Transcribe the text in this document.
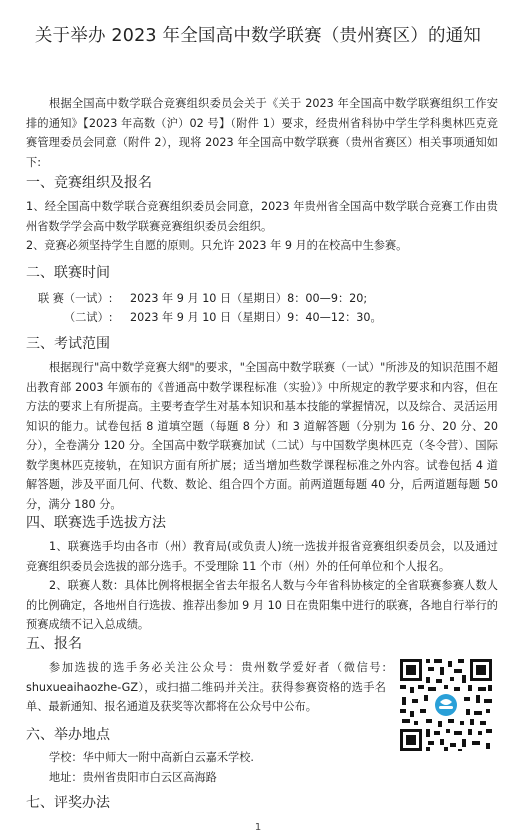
关于举办 2023 年全国高中数学联赛（贵州赛区）的通知

根据全国高中数学联合竞赛组织委员会关于《关于 2023 年全国高中数学联赛组织工作安排的通知》【2023 年高数（沪）02 号】（附件 1）要求，经贵州省科协中学生学科奥林匹克竞赛管理委员会同意（附件 2），现将 2023 年全国高中数学联赛（贵州省赛区）相关事项通知如下:

一、竞赛组织及报名

1、经全国高中数学联合竞赛组织委员会同意，2023 年贵州省全国高中数学联合竞赛工作由贵州省数学学会高中数学联赛竞赛组织委员会组织。

2、竞赛必须坚持学生自愿的原则。只允许 2023 年 9 月的在校高中生参赛。

二、联赛时间
联 赛（一试）: 2023 年 9 月 10 日（星期日）8：00—9：20;
（二试）: 2023 年 9 月 10 日（星期日）9：40—12：30。
三、考试范围

根据现行"高中数学竞赛大纲"的要求，"全国高中数学联赛（一试）"所涉及的知识范围不超出教育部 2003 年颁布的《普通高中数学课程标准（实验）》中所规定的教学要求和内容，但在方法的要求上有所提高。主要考查学生对基本知识和基本技能的掌握情况，以及综合、灵活运用知识的能力。试卷包括 8 道填空题（每题 8 分）和 3 道解答题（分别为 16 分、20 分、20 分），全卷满分 120 分。全国高中数学联赛加试（二试）与中国数学奥林匹克（冬令营）、国际数学奥林匹克接轨，在知识方面有所扩展；适当增加些数学课程标准之外内容。试卷包括 4 道解答题，涉及平面几何、代数、数论、组合四个方面。前两道题每题 40 分，后两道题每题 50 分，满分 180 分。

四、联赛选手选拔方法

1、联赛选手均由各市（州）教育局(或负责人)统一选拔并报省竞赛组织委员会，以及通过竞赛组织委员会选拔的部分选手。不受理除 11 个市（州）外的任何单位和个人报名。

2、联赛人数：具体比例将根据全省去年报名人数与今年省科协核定的全省联赛参赛人数人的比例确定，各地州自行选拔、推荐出参加 9 月 10 日在贵阳集中进行的联赛，各地自行举行的预赛成绩不记入总成绩。

五、报名

参加选拔的选手务必关注公众号：贵州数学爱好者（微信号: shuxueaihaozhe-GZ），或扫描二维码并关注。获得参赛资格的选手名单、最新通知、报名通道及获奖等次都将在公众号中公布。

六、举办地点
学校：华中师大一附中高新白云嘉禾学校.
地址：贵州省贵阳市白云区高海路
七、评奖办法
1
